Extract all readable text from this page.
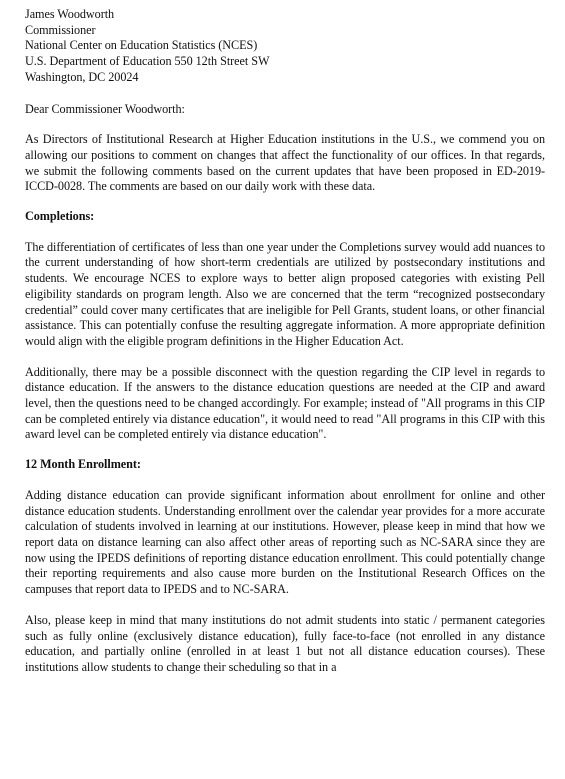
James Woodworth
Commissioner
National Center on Education Statistics (NCES)
U.S. Department of Education 550 12th Street SW
Washington, DC 20024
Dear Commissioner Woodworth:

As Directors of Institutional Research at Higher Education institutions in the U.S., we commend you on allowing our positions to comment on changes that affect the functionality of our offices. In that regards, we submit the following comments based on the current updates that have been proposed in ED-2019-ICCD-0028. The comments are based on our daily work with these data.

Completions:

The differentiation of certificates of less than one year under the Completions survey would add nuances to the current understanding of how short-term credentials are utilized by postsecondary institutions and students. We encourage NCES to explore ways to better align proposed categories with existing Pell eligibility standards on program length. Also we are concerned that the term “recognized postsecondary credential” could cover many certificates that are ineligible for Pell Grants, student loans, or other financial assistance. This can potentially confuse the resulting aggregate information. A more appropriate definition would align with the eligible program definitions in the Higher Education Act.

Additionally, there may be a possible disconnect with the question regarding the CIP level in regards to distance education. If the answers to the distance education questions are needed at the CIP and award level, then the questions need to be changed accordingly. For example; instead of "All programs in this CIP can be completed entirely via distance education", it would need to read "All programs in this CIP with this award level can be completed entirely via distance education".

12 Month Enrollment:

Adding distance education can provide significant information about enrollment for online and other distance education students. Understanding enrollment over the calendar year provides for a more accurate calculation of students involved in learning at our institutions. However, please keep in mind that how we report data on distance learning can also affect other areas of reporting such as NC-SARA since they are now using the IPEDS definitions of reporting distance education enrollment. This could potentially change their reporting requirements and also cause more burden on the Institutional Research Offices on the campuses that report data to IPEDS and to NC-SARA.

Also, please keep in mind that many institutions do not admit students into static / permanent categories such as fully online (exclusively distance education), fully face-to-face (not enrolled in any distance education, and partially online (enrolled in at least 1 but not all distance education courses). These institutions allow students to change their scheduling so that in a
